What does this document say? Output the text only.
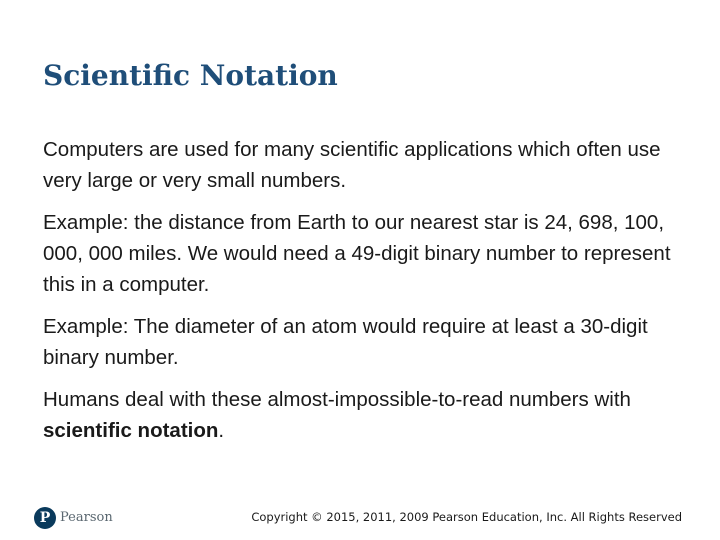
Scientific Notation

Computers are used for many scientific applications which often use very large or very small numbers.

Example: the distance from Earth to our nearest star is 24, 698, 100, 000, 000 miles. We would need a 49-digit binary number to represent this in a computer.

Example: The diameter of an atom would require at least a 30-digit binary number.

Humans deal with these almost-impossible-to-read numbers with scientific notation.

P Pearson	Copyright © 2015, 2011, 2009 Pearson Education, Inc. All Rights Reserved
